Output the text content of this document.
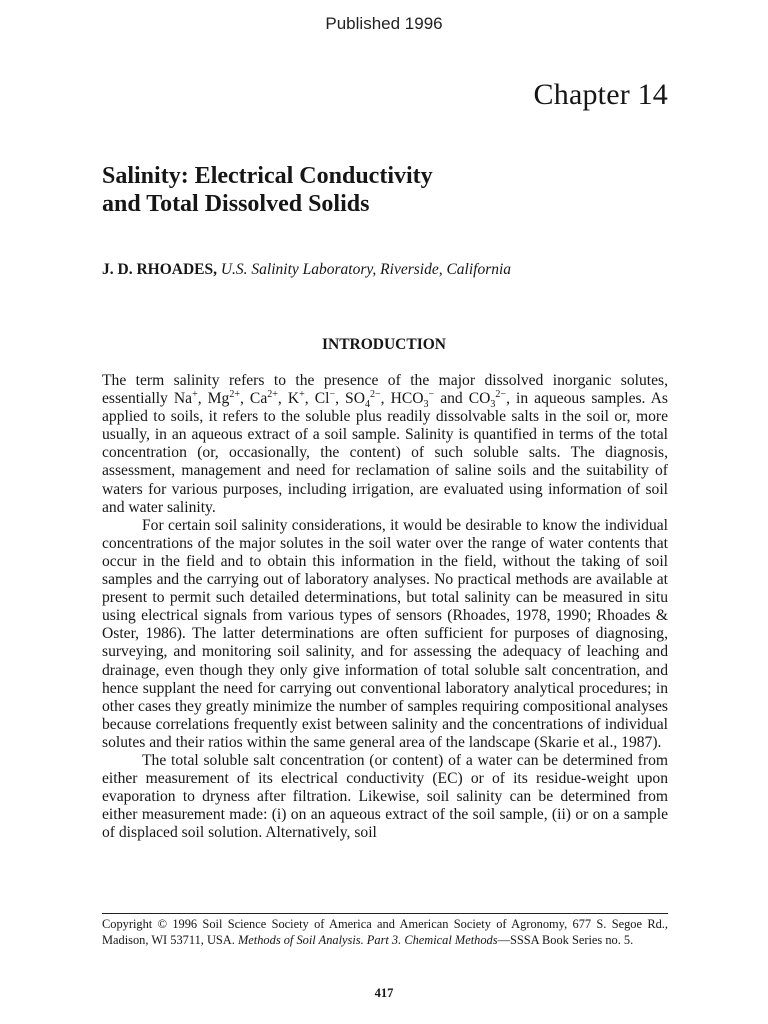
Published 1996
Chapter 14
Salinity: Electrical Conductivity
and Total Dissolved Solids
J. D. RHOADES, U.S. Salinity Laboratory, Riverside, California
INTRODUCTION

The term salinity refers to the presence of the major dissolved inorganic solutes, essentially Na+, $Mg^{2+}$, $Ca^{2+}$, K+, Cl−, $SO_4^{2-}$, $HCO_3^-$ and $CO_3^{2-}$, in aqueous samples. As applied to soils, it refers to the soluble plus readily dissolvable salts in the soil or, more usually, in an aqueous extract of a soil sample. Salinity is quantified in terms of the total concentration (or, occasionally, the content) of such soluble salts. The diagnosis, assessment, management and need for reclamation of saline soils and the suitability of waters for various purposes, including irrigation, are evaluated using information of soil and water salinity.

For certain soil salinity considerations, it would be desirable to know the individual concentrations of the major solutes in the soil water over the range of water contents that occur in the field and to obtain this information in the field, without the taking of soil samples and the carrying out of laboratory analyses. No practical methods are available at present to permit such detailed determinations, but total salinity can be measured in situ using electrical signals from various types of sensors (Rhoades, 1978, 1990; Rhoades & Oster, 1986). The latter determinations are often sufficient for purposes of diagnosing, surveying, and monitoring soil salinity, and for assessing the adequacy of leaching and drainage, even though they only give information of total soluble salt concentration, and hence supplant the need for carrying out conventional laboratory analytical procedures; in other cases they greatly minimize the number of samples requiring compositional analyses because correlations frequently exist between salinity and the concentrations of individual solutes and their ratios within the same general area of the landscape (Skarie et al., 1987).

The total soluble salt concentration (or content) of a water can be determined from either measurement of its electrical conductivity (EC) or of its residue-weight upon evaporation to dryness after filtration. Likewise, soil salinity can be determined from either measurement made: (i) on an aqueous extract of the soil sample, (ii) or on a sample of displaced soil solution. Alternatively, soil

Copyright © 1996 Soil Science Society of America and American Society of Agronomy, 677 S. Segoe Rd., Madison, WI 53711, USA. Methods of Soil Analysis. Part 3. Chemical Methods—SSSA Book Series no. 5.
417
